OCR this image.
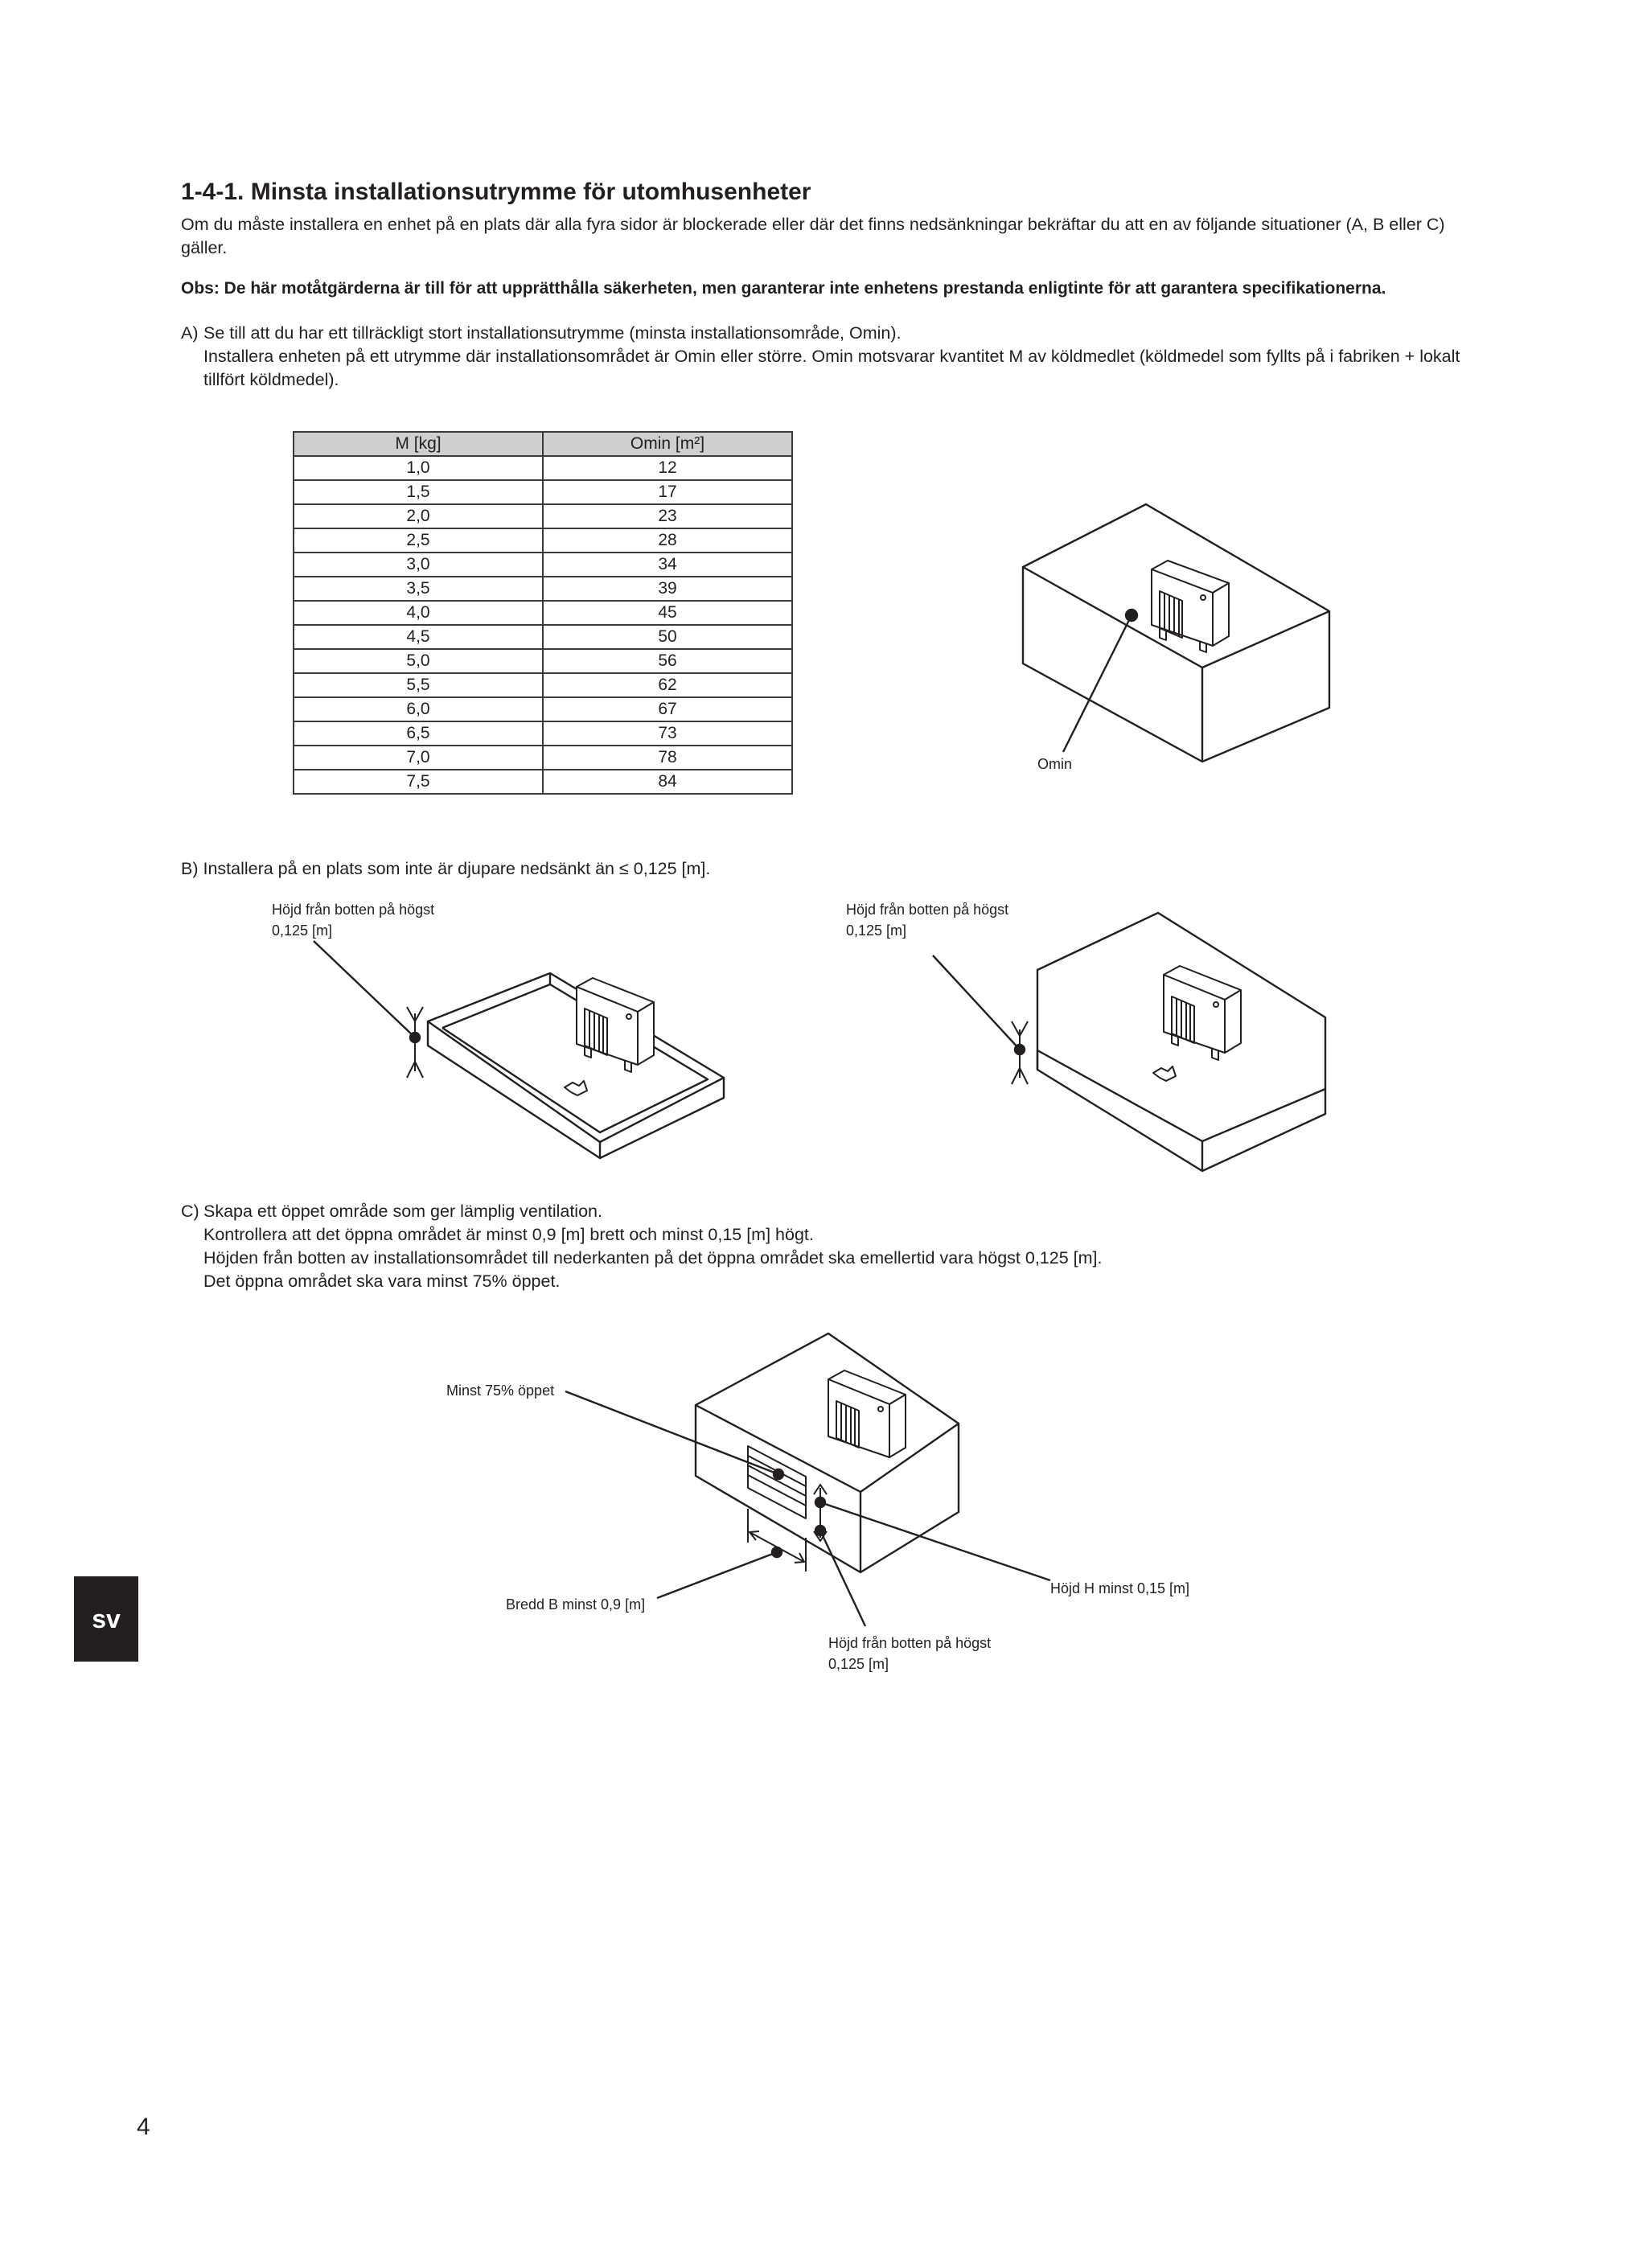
1-4-1. Minsta installationsutrymme för utomhusenheter
Om du måste installera en enhet på en plats där alla fyra sidor är blockerade eller där det finns nedsänkningar bekräftar du att en av följande situationer (A, B eller C) gäller.
Obs: De här motåtgärderna är till för att upprätthålla säkerheten, men garanterar inte enhetens prestanda enligtinte för att garantera specifikationerna.
A) Se till att du har ett tillräckligt stort installationsutrymme (minsta installationsområde, Omin).
Installera enheten på ett utrymme där installationsområdet är Omin eller större. Omin motsvarar kvantitet M av köldmedlet (köldmedel som fyllts på i fabriken + lokalt tillfört köldmedel).
M [kg]	Omin [m²]
1,0	12
1,5	17
2,0	23
2,5	28
3,0	34
3,5	39
4,0	45
4,5	50
5,0	56
5,5	62
6,0	67
6,5	73
7,0	78
7,5	84
Omin
B) Installera på en plats som inte är djupare nedsänkt än ≤ 0,125 [m].
Höjd från botten på högst
0,125 [m]
Höjd från botten på högst
0,125 [m]
C) Skapa ett öppet område som ger lämplig ventilation.
Kontrollera att det öppna området är minst 0,9 [m] brett och minst 0,15 [m] högt.
Höjden från botten av installationsområdet till nederkanten på det öppna området ska emellertid vara högst 0,125 [m].
Det öppna området ska vara minst 75% öppet.
Minst 75% öppet
Bredd B minst 0,9 [m]
Höjd H minst 0,15 [m]
Höjd från botten på högst
0,125 [m]
sv
4
